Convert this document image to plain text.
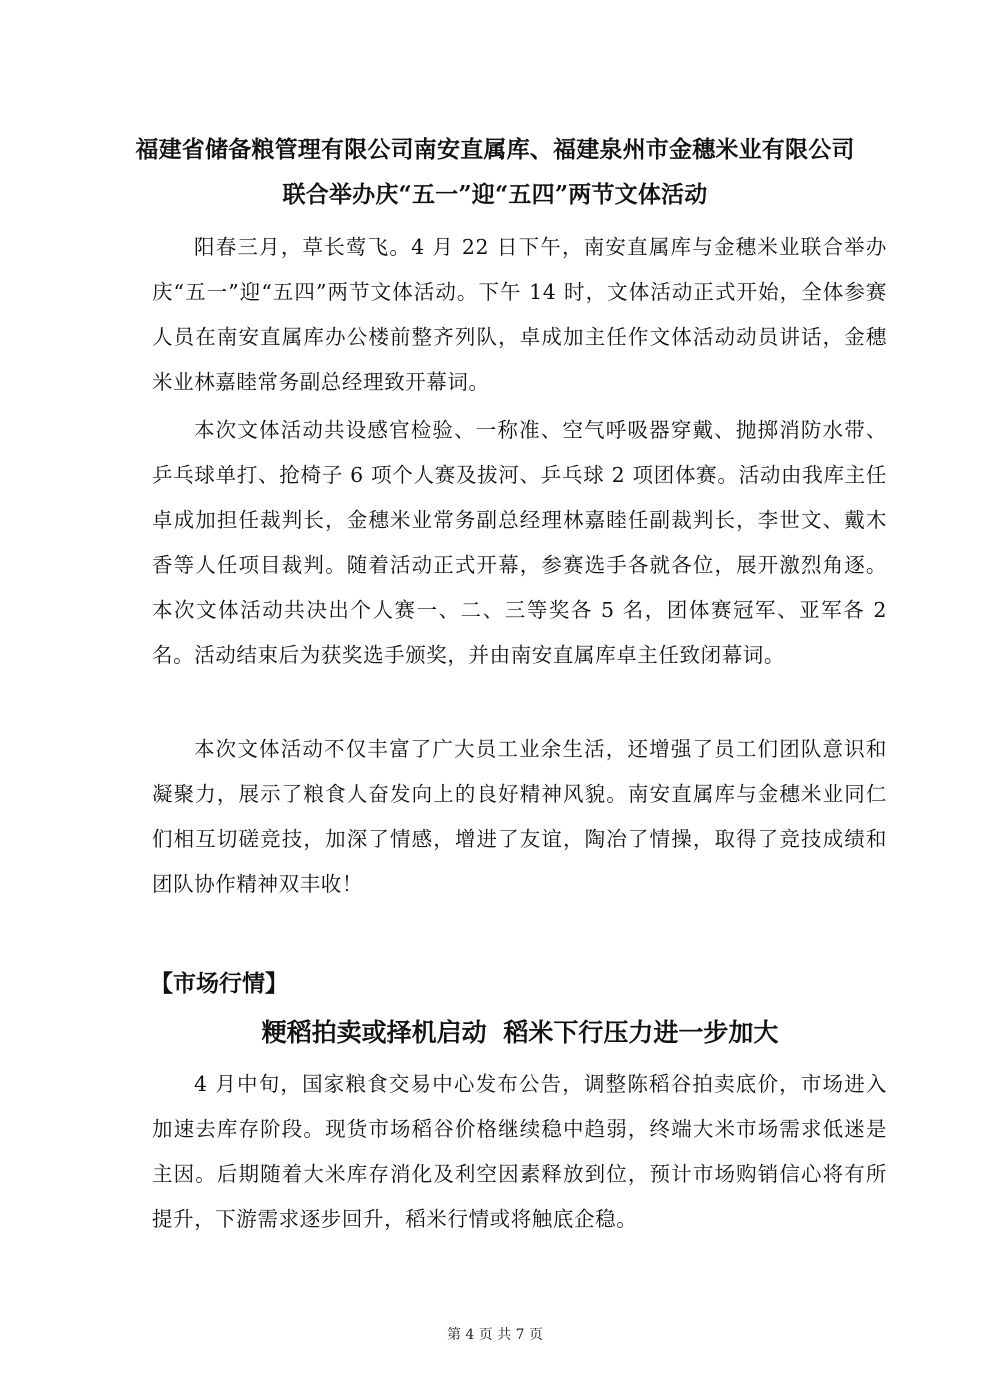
福建省储备粮管理有限公司南安直属库、福建泉州市金穗米业有限公司
联合举办庆“五一”迎“五四”两节文体活动

阳春三月，草长莺飞。4 月 22 日下午，南安直属库与金穗米业联合举办庆“五一”迎“五四”两节文体活动。下午 14 时，文体活动正式开始，全体参赛人员在南安直属库办公楼前整齐列队，卓成加主任作文体活动动员讲话，金穗米业林嘉睦常务副总经理致开幕词。

本次文体活动共设感官检验、一称准、空气呼吸器穿戴、抛掷消防水带、乒乓球单打、抢椅子 6 项个人赛及拔河、乒乓球 2 项团体赛。活动由我库主任卓成加担任裁判长，金穗米业常务副总经理林嘉睦任副裁判长，李世文、戴木香等人任项目裁判。随着活动正式开幕，参赛选手各就各位，展开激烈角逐。本次文体活动共决出个人赛一、二、三等奖各 5 名，团体赛冠军、亚军各 2 名。活动结束后为获奖选手颁奖，并由南安直属库卓主任致闭幕词。

本次文体活动不仅丰富了广大员工业余生活，还增强了员工们团队意识和凝聚力，展示了粮食人奋发向上的良好精神风貌。南安直属库与金穗米业同仁们相互切磋竞技，加深了情感，增进了友谊，陶冶了情操，取得了竞技成绩和团队协作精神双丰收！

【市场行情】
粳稻拍卖或择机启动 稻米下行压力进一步加大

4 月中旬，国家粮食交易中心发布公告，调整陈稻谷拍卖底价，市场进入加速去库存阶段。现货市场稻谷价格继续稳中趋弱，终端大米市场需求低迷是主因。后期随着大米库存消化及利空因素释放到位，预计市场购销信心将有所提升，下游需求逐步回升，稻米行情或将触底企稳。

第 4 页 共 7 页
